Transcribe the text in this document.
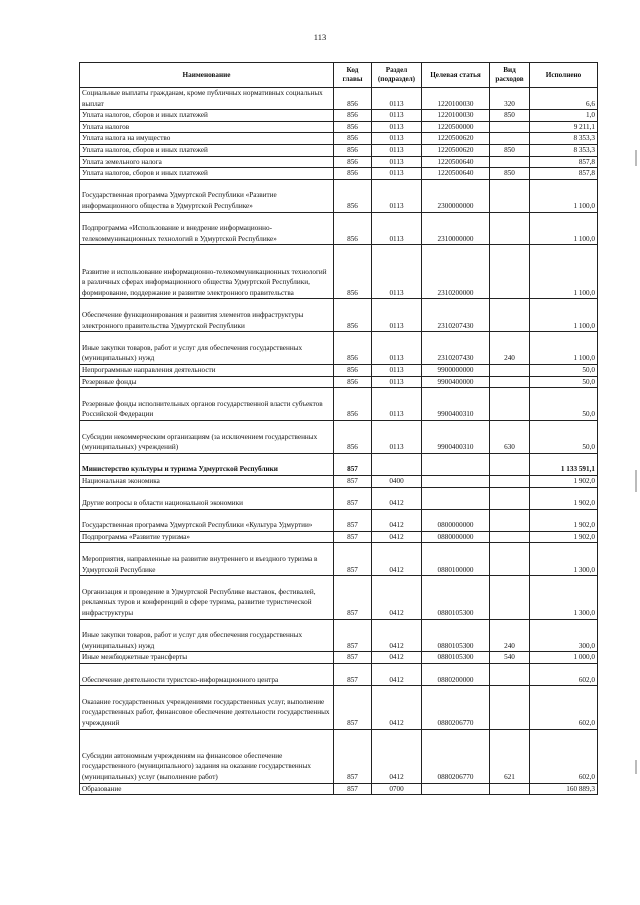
113
Наименование	Код главы	Раздел (подраздел)	Целевая статья	Вид расходов	Исполнено
Социальные выплаты гражданам, кроме публичных нормативных социальных выплат	856	0113	1220100030	320	6,6
Уплата налогов, сборов и иных платежей	856	0113	1220100030	850	1,0
Уплата налогов	856	0113	1220500000		9 211,1
Уплата налога на имущество	856	0113	1220500620		8 353,3
Уплата налогов, сборов и иных платежей	856	0113	1220500620	850	8 353,3
Уплата земельного налога	856	0113	1220500640		857,8
Уплата налогов, сборов и иных платежей	856	0113	1220500640	850	857,8
Государственная программа Удмуртской Республики «Развитие информационного общества в Удмуртской Республике»	856	0113	2300000000		1 100,0
Подпрограмма «Использование и внедрение информационно-телекоммуникационных технологий в Удмуртской Республике»	856	0113	2310000000		1 100,0
Развитие и использование информационно-телекоммуникационных технологий в различных сферах информационного общества Удмуртской Республики, формирование, поддержание и развитие электронного правительства	856	0113	2310200000		1 100,0
Обеспечение функционирования и развития элементов инфраструктуры электронного правительства Удмуртской Республики	856	0113	2310207430		1 100,0
Иные закупки товаров, работ и услуг для обеспечения государственных (муниципальных) нужд	856	0113	2310207430	240	1 100,0
Непрограммные направления деятельности	856	0113	9900000000		50,0
Резервные фонды	856	0113	9900400000		50,0
Резервные фонды исполнительных органов государственной власти субъектов Российской Федерации	856	0113	9900400310		50,0
Субсидии некоммерческим организациям (за исключением государственных (муниципальных) учреждений)	856	0113	9900400310	630	50,0
Министерство культуры и туризма Удмуртской Республики	857				1 133 591,1
Национальная экономика	857	0400			1 902,0
Другие вопросы в области национальной экономики	857	0412			1 902,0
Государственная программа Удмуртской Республики «Культура Удмуртии»	857	0412	0800000000		1 902,0
Подпрограмма «Развитие туризма»	857	0412	0880000000		1 902,0
Мероприятия, направленные на развитие внутреннего и въездного туризма в Удмуртской Республике	857	0412	0880100000		1 300,0
Организация и проведение в Удмуртской Республике выставок, фестивалей, рекламных туров и конференций в сфере туризма, развитие туристической инфраструктуры	857	0412	0880105300		1 300,0
Иные закупки товаров, работ и услуг для обеспечения государственных (муниципальных) нужд	857	0412	0880105300	240	300,0
Иные межбюджетные трансферты	857	0412	0880105300	540	1 000,0
Обеспечение деятельности туристско-информационного центра	857	0412	0880200000		602,0
Оказание государственных учреждениями государственных услуг, выполнение государственных работ, финансовое обеспечение деятельности государственных учреждений	857	0412	0880206770		602,0
Субсидии автономным учреждениям на финансовое обеспечение государственного (муниципального) задания на оказание государственных (муниципальных) услуг (выполнение работ)	857	0412	0880206770	621	602,0
Образование	857	0700			160 889,3
